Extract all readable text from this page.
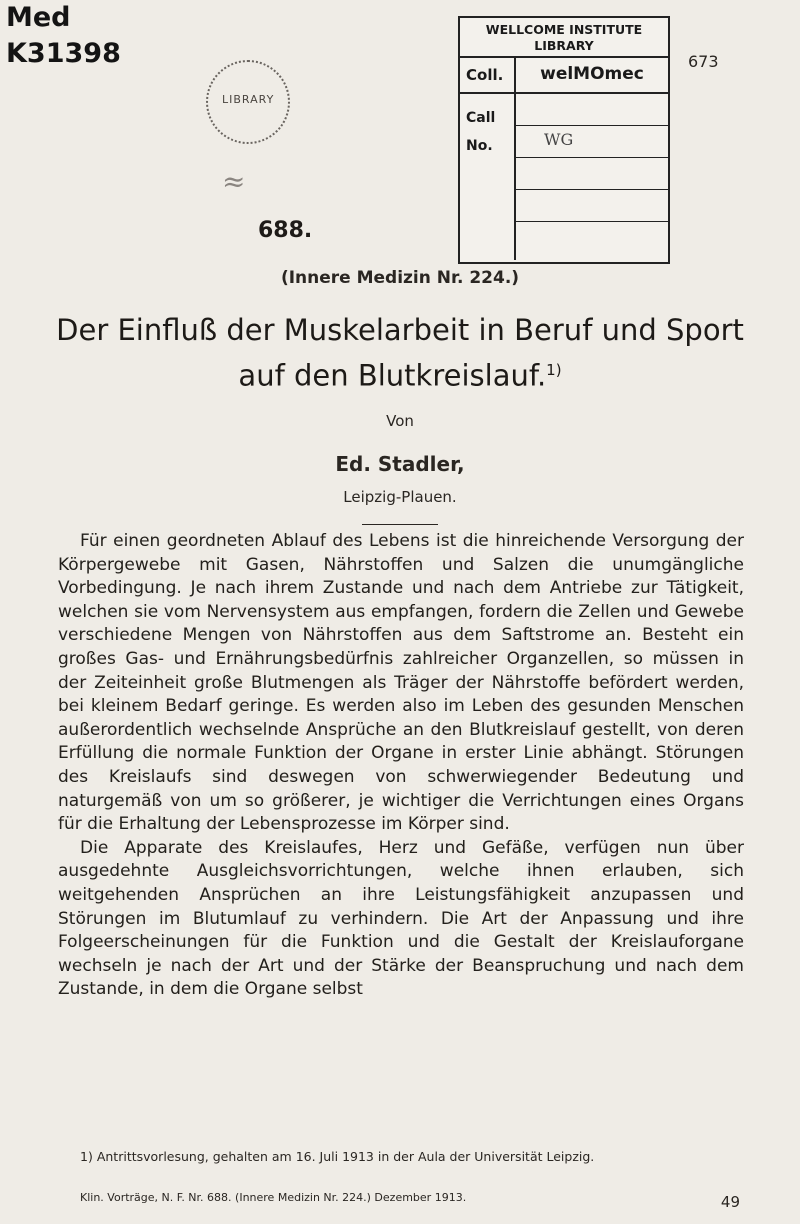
Med
K31398
LIBRARY
≈
688.
WELLCOME INSTITUTE
LIBRARY
Coll.	welMOmec
Call
No.	WG
673
(Innere Medizin Nr. 224.)
Der Einfluß der Muskelarbeit in Beruf und Sport
auf den Blutkreislauf.$^{1)}$
Von
Ed. Stadler,
Leipzig-Plauen.

Für einen geordneten Ablauf des Lebens ist die hinreichende Versorgung der Körpergewebe mit Gasen, Nährstoffen und Salzen die unumgängliche Vorbedingung. Je nach ihrem Zustande und nach dem Antriebe zur Tätigkeit, welchen sie vom Nervensystem aus empfangen, fordern die Zellen und Gewebe verschiedene Mengen von Nährstoffen aus dem Saftstrome an. Besteht ein großes Gas- und Ernährungsbedürfnis zahlreicher Organzellen, so müssen in der Zeiteinheit große Blutmengen als Träger der Nährstoffe befördert werden, bei kleinem Bedarf geringe. Es werden also im Leben des gesunden Menschen außerordentlich wechselnde Ansprüche an den Blutkreislauf gestellt, von deren Erfüllung die normale Funktion der Organe in erster Linie abhängt. Störungen des Kreislaufs sind deswegen von schwerwiegender Bedeutung und naturgemäß von um so größerer, je wichtiger die Verrichtungen eines Organs für die Erhaltung der Lebensprozesse im Körper sind.

Die Apparate des Kreislaufes, Herz und Gefäße, verfügen nun über ausgedehnte Ausgleichsvorrichtungen, welche ihnen erlauben, sich weitgehenden Ansprüchen an ihre Leistungsfähigkeit anzupassen und Störungen im Blutumlauf zu verhindern. Die Art der Anpassung und ihre Folgeerscheinungen für die Funktion und die Gestalt der Kreislauforgane wechseln je nach der Art und der Stärke der Beanspruchung und nach dem Zustande, in dem die Organe selbst

1) Antrittsvorlesung, gehalten am 16. Juli 1913 in der Aula der Universität Leipzig.
Klin. Vorträge, N. F. Nr. 688. (Innere Medizin Nr. 224.) Dezember 1913.	49
